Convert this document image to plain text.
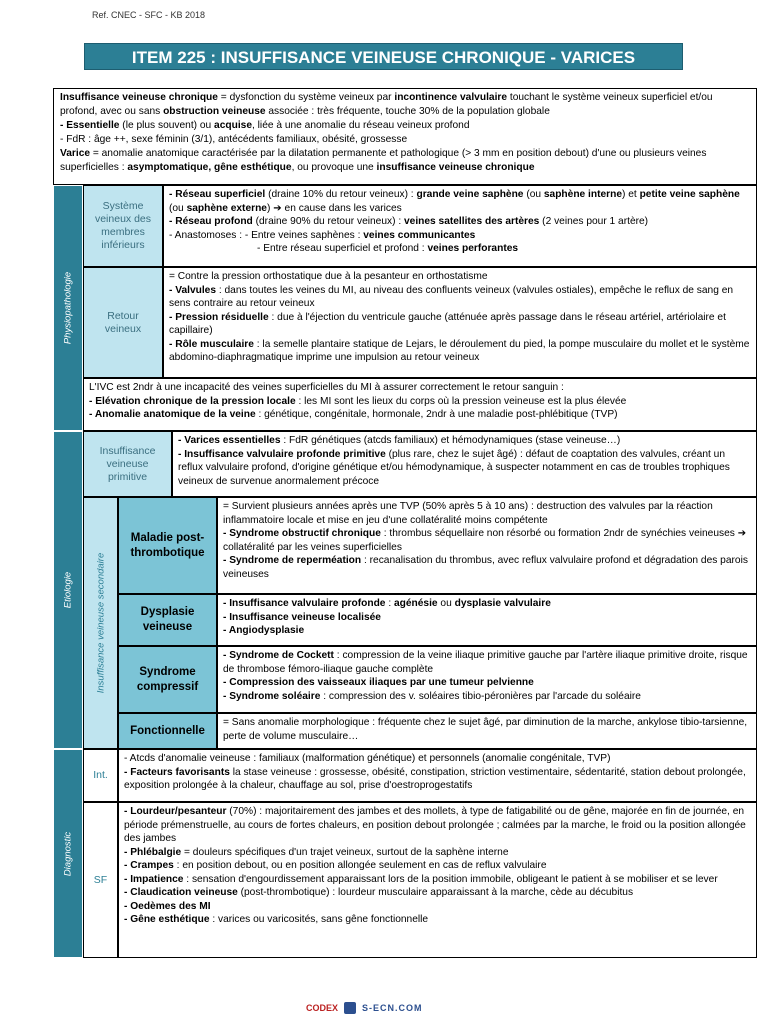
Ref. CNEC - SFC - KB 2018
ITEM 225 : INSUFFISANCE VEINEUSE CHRONIQUE - VARICES

Insuffisance veineuse chronique = dysfonction du système veineux par incontinence valvulaire touchant le système veineux superficiel et/ou profond, avec ou sans obstruction veineuse associée : très fréquente, touche 30% de la population globale

- Essentielle (le plus souvent) ou acquise, liée à une anomalie du réseau veineux profond

- FdR : âge ++, sexe féminin (3/1), antécédents familiaux, obésité, grossesse

Varice = anomalie anatomique caractérisée par la dilatation permanente et pathologique (> 3 mm en position debout) d'une ou plusieurs veines superficielles : asymptomatique, gêne esthétique, ou provoque une insuffisance veineuse chronique

Physiopathologie
Etiologie
Diagnostic
Système veineux des membres inférieurs

- Réseau superficiel (draine 10% du retour veineux) : grande veine saphène (ou saphène interne) et petite veine saphène (ou saphène externe) ➔ en cause dans les varices

- Réseau profond (draine 90% du retour veineux) : veines satellites des artères (2 veines pour 1 artère)

- Anastomoses : - Entre veines saphènes : veines communicantes

- Entre réseau superficiel et profond : veines perforantes

Retour veineux

= Contre la pression orthostatique due à la pesanteur en orthostatisme

- Valvules : dans toutes les veines du MI, au niveau des confluents veineux (valvules ostiales), empêche le reflux de sang en sens contraire au retour veineux

- Pression résiduelle : due à l'éjection du ventricule gauche (atténuée après passage dans le réseau artériel, artériolaire et capillaire)

- Rôle musculaire : la semelle plantaire statique de Lejars, le déroulement du pied, la pompe musculaire du mollet et le système abdomino-diaphragmatique imprime une impulsion au retour veineux

L'IVC est 2ndr à une incapacité des veines superficielles du MI à assurer correctement le retour sanguin :

- Elévation chronique de la pression locale : les MI sont les lieux du corps où la pression veineuse est la plus élevée

- Anomalie anatomique de la veine : génétique, congénitale, hormonale, 2ndr à une maladie post-phlébitique (TVP)

Insuffisance veineuse primitive

- Varices essentielles : FdR génétiques (atcds familiaux) et hémodynamiques (stase veineuse…)

- Insuffisance valvulaire profonde primitive (plus rare, chez le sujet âgé) : défaut de coaptation des valvules, créant un reflux valvulaire profond, d'origine génétique et/ou hémodynamique, à suspecter notamment en cas de troubles trophiques veineux de survenue anormalement précoce

Insuffisance veineuse secondaire
Maladie post-thrombotique

= Survient plusieurs années après une TVP (50% après 5 à 10 ans) : destruction des valvules par la réaction inflammatoire locale et mise en jeu d'une collatéralité moins compétente

- Syndrome obstructif chronique : thrombus séquellaire non résorbé ou formation 2ndr de synéchies veineuses ➔ collatéralité par les veines superficielles

- Syndrome de reperméation : recanalisation du thrombus, avec reflux valvulaire profond et dégradation des parois veineuses

Dysplasie veineuse

- Insuffisance valvulaire profonde : agénésie ou dysplasie valvulaire

- Insuffisance veineuse localisée

- Angiodysplasie

Syndrome compressif

- Syndrome de Cockett : compression de la veine iliaque primitive gauche par l'artère iliaque primitive droite, risque de thrombose fémoro-iliaque gauche complète

- Compression des vaisseaux iliaques par une tumeur pelvienne

- Syndrome soléaire : compression des v. soléaires tibio-péronières par l'arcade du soléaire

Fonctionnelle

= Sans anomalie morphologique : fréquente chez le sujet âgé, par diminution de la marche, ankylose tibio-tarsienne, perte de volume musculaire…

Int.

- Atcds d'anomalie veineuse : familiaux (malformation génétique) et personnels (anomalie congénitale, TVP)

- Facteurs favorisants la stase veineuse : grossesse, obésité, constipation, striction vestimentaire, sédentarité, station debout prolongée, exposition prolongée à la chaleur, chauffage au sol, prise d'oestroprogestatifs

SF

- Lourdeur/pesanteur (70%) : majoritairement des jambes et des mollets, à type de fatigabilité ou de gêne, majorée en fin de journée, en période prémenstruelle, au cours de fortes chaleurs, en position debout prolongée ; calmées par la marche, le froid ou la position allongée des jambes

- Phlébalgie = douleurs spécifiques d'un trajet veineux, surtout de la saphène interne

- Crampes : en position debout, ou en position allongée seulement en cas de reflux valvulaire

- Impatience : sensation d'engourdissement apparaissant lors de la position immobile, obligeant le patient à se mobiliser et se lever

- Claudication veineuse (post-thrombotique) : lourdeur musculaire apparaissant à la marche, cède au décubitus

- Oedèmes des MI

- Gêne esthétique : varices ou varicosités, sans gêne fonctionnelle

CODEX	S-ECN.COM
